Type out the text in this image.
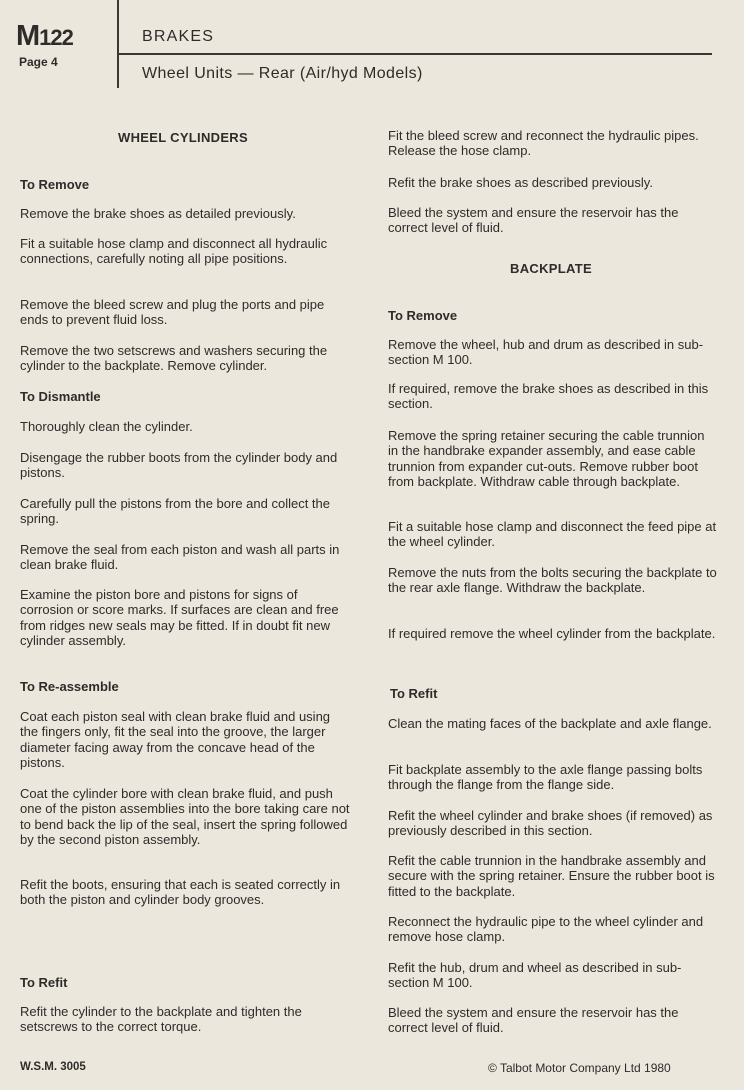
M122
Page 4
BRAKES
Wheel Units — Rear (Air/hyd Models)
WHEEL CYLINDERS
To Remove
Remove the brake shoes as detailed previously.
Fit a suitable hose clamp and disconnect all hydraulic connections, carefully noting all pipe positions.
Remove the bleed screw and plug the ports and pipe ends to prevent fluid loss.
Remove the two setscrews and washers securing the cylinder to the backplate. Remove cylinder.
To Dismantle
Thoroughly clean the cylinder.
Disengage the rubber boots from the cylinder body and pistons.
Carefully pull the pistons from the bore and collect the spring.
Remove the seal from each piston and wash all parts in clean brake fluid.
Examine the piston bore and pistons for signs of corrosion or score marks. If surfaces are clean and free from ridges new seals may be fitted. If in doubt fit new cylinder assembly.
To Re-assemble
Coat each piston seal with clean brake fluid and using the fingers only, fit the seal into the groove, the larger diameter facing away from the concave head of the pistons.
Coat the cylinder bore with clean brake fluid, and push one of the piston assemblies into the bore taking care not to bend back the lip of the seal, insert the spring followed by the second piston assembly.
Refit the boots, ensuring that each is seated correctly in both the piston and cylinder body grooves.
To Refit
Refit the cylinder to the backplate and tighten the setscrews to the correct torque.
Fit the bleed screw and reconnect the hydraulic pipes. Release the hose clamp.
Refit the brake shoes as described previously.
Bleed the system and ensure the reservoir has the correct level of fluid.
BACKPLATE
To Remove
Remove the wheel, hub and drum as described in sub-section M 100.
If required, remove the brake shoes as described in this section.
Remove the spring retainer securing the cable trunnion in the handbrake expander assembly, and ease cable trunnion from expander cut-outs. Remove rubber boot from backplate. Withdraw cable through backplate.
Fit a suitable hose clamp and disconnect the feed pipe at the wheel cylinder.
Remove the nuts from the bolts securing the backplate to the rear axle flange. Withdraw the backplate.
If required remove the wheel cylinder from the backplate.
To Refit
Clean the mating faces of the backplate and axle flange.
Fit backplate assembly to the axle flange passing bolts through the flange from the flange side.
Refit the wheel cylinder and brake shoes (if removed) as previously described in this section.
Refit the cable trunnion in the handbrake assembly and secure with the spring retainer. Ensure the rubber boot is fitted to the backplate.
Reconnect the hydraulic pipe to the wheel cylinder and remove hose clamp.
Refit the hub, drum and wheel as described in sub-section M 100.
Bleed the system and ensure the reservoir has the correct level of fluid.
W.S.M. 3005	© Talbot Motor Company Ltd 1980
